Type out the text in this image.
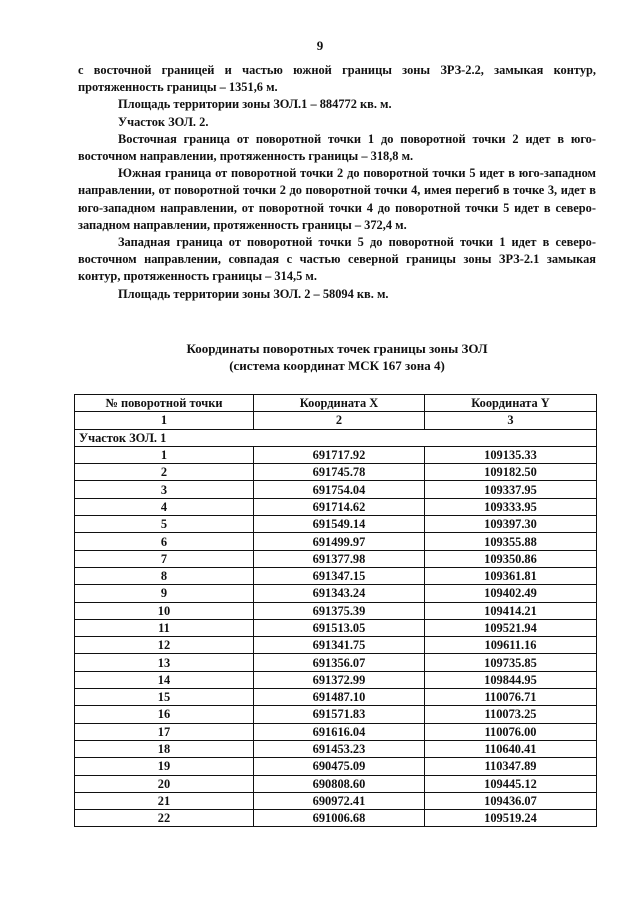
9

с восточной границей и частью южной границы зоны ЗРЗ-2.2, замыкая контур, протяженность границы – 1351,6 м.

Площадь территории зоны ЗОЛ.1 – 884772 кв. м.

Участок ЗОЛ. 2.

Восточная граница от поворотной точки 1 до поворотной точки 2 идет в юго-восточном направлении, протяженность границы – 318,8 м.

Южная граница от поворотной точки 2 до поворотной точки 5 идет в юго-западном направлении, от поворотной точки 2 до поворотной точки 4, имея перегиб в точке 3, идет в юго-западном направлении, от поворотной точки 4 до поворотной точки 5 идет в северо-западном направлении, протяженность границы – 372,4 м.

Западная граница от поворотной точки 5 до поворотной точки 1 идет в северо-восточном направлении, совпадая с частью северной границы зоны ЗРЗ-2.1 замыкая контур, протяженность границы – 314,5 м.

Площадь территории зоны ЗОЛ. 2 – 58094 кв. м.

Координаты поворотных точек границы зоны ЗОЛ
(система координат МСК 167 зона 4)
№ поворотной точки	Координата X	Координата Y
1	2	3
Участок ЗОЛ. 1		
1	691717.92	109135.33
2	691745.78	109182.50
3	691754.04	109337.95
4	691714.62	109333.95
5	691549.14	109397.30
6	691499.97	109355.88
7	691377.98	109350.86
8	691347.15	109361.81
9	691343.24	109402.49
10	691375.39	109414.21
11	691513.05	109521.94
12	691341.75	109611.16
13	691356.07	109735.85
14	691372.99	109844.95
15	691487.10	110076.71
16	691571.83	110073.25
17	691616.04	110076.00
18	691453.23	110640.41
19	690475.09	110347.89
20	690808.60	109445.12
21	690972.41	109436.07
22	691006.68	109519.24
